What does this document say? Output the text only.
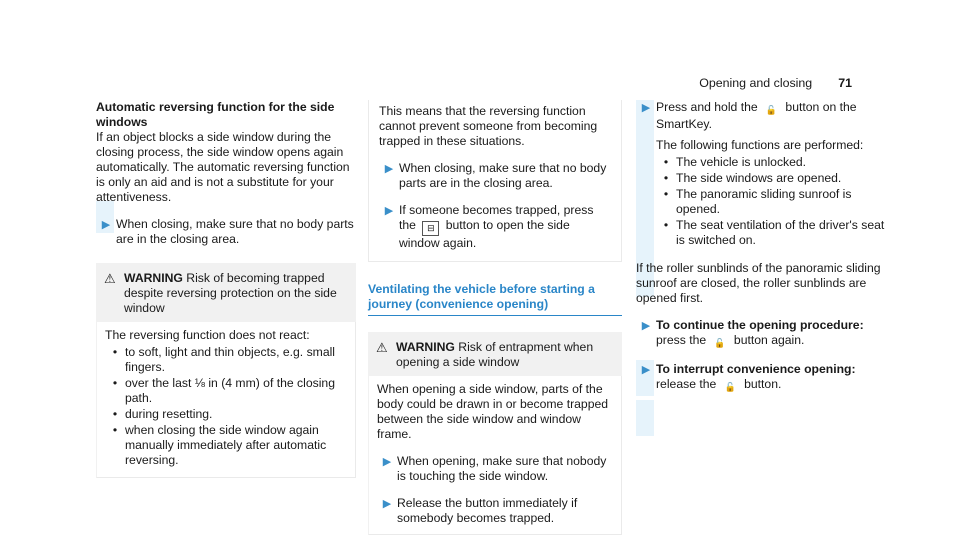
Opening and closing 71

Automatic reversing function for the side windows

If an object blocks a side window during the closing process, the side window opens again automatically. The automatic reversing function is only an aid and is not a substitute for your attentiveness.

▶ When closing, make sure that no body parts are in the closing area.
⚠ WARNING Risk of becoming trapped despite reversing protection on the side window

The reversing function does not react:

• to soft, light and thin objects, e.g. small fingers.
• over the last ⅛ in (4 mm) of the closing path.
• during resetting.
• when closing the side window again manually immediately after automatic reversing.

This means that the reversing function cannot prevent someone from becoming trapped in these situations.

▶ When closing, make sure that no body parts are in the closing area.
▶ If someone becomes trapped, press the ⊟ button to open the side window again.
Ventilating the vehicle before starting a journey (convenience opening)
⚠ WARNING Risk of entrapment when opening a side window

When opening a side window, parts of the body could be drawn in or become trapped between the side window and window frame.

▶ When opening, make sure that nobody is touching the side window.
▶ Release the button immediately if somebody becomes trapped.
▶ Press and hold the 🔓 button on the SmartKey.

The following functions are performed:

• The vehicle is unlocked.
• The side windows are opened.
• The panoramic sliding sunroof is opened.
• The seat ventilation of the driver's seat is switched on.

If the roller sunblinds of the panoramic sliding sunroof are closed, the roller sunblinds are opened first.

▶ To continue the opening procedure: press the 🔓 button again.
▶ To interrupt convenience opening: release the 🔓 button.
